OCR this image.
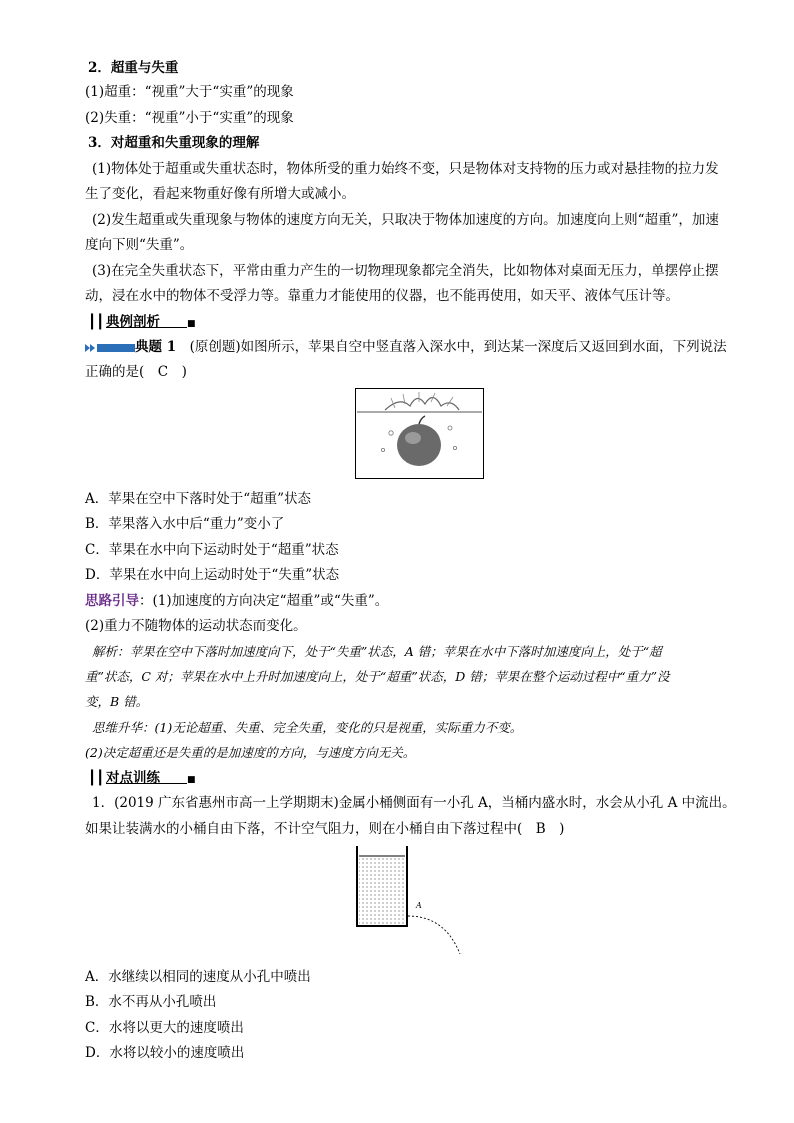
2．超重与失重
(1)超重：“视重”大于“实重”的现象
(2)失重：“视重”小于“实重”的现象
3．对超重和失重现象的理解
(1)物体处于超重或失重状态时，物体所受的重力始终不变，只是物体对支持物的压力或对悬挂物的拉力发
生了变化，看起来物重好像有所增大或减小。
(2)发生超重或失重现象与物体的速度方向无关，只取决于物体加速度的方向。加速度向上则“超重”，加速
度向下则“失重”。
(3)在完全失重状态下，平常由重力产生的一切物理现象都完全消失，比如物体对桌面无压力，单摆停止摆
动，浸在水中的物体不受浮力等。靠重力才能使用的仪器，也不能再使用，如天平、液体气压计等。
┃┃ 典例剖析　　	■
典题 1　 (原创题)如图所示，苹果自空中竖直落入深水中，到达某一深度后又返回到水面，下列说法
正确的是(　C　)
A．苹果在空中下落时处于“超重”状态
B．苹果落入水中后“重力”变小了
C．苹果在水中向下运动时处于“超重”状态
D．苹果在水中向上运动时处于“失重”状态
思路引导：(1)加速度的方向决定“超重”或“失重”。
(2)重力不随物体的运动状态而变化。
解析：苹果在空中下落时加速度向下，处于“失重”状态，A 错；苹果在水中下落时加速度向上，处于“超
重”状态，C 对；苹果在水中上升时加速度向上，处于“超重”状态，D 错；苹果在整个运动过程中“重力”没
变，B 错。
思维升华：(1)无论超重、失重、完全失重，变化的只是视重，实际重力不变。
(2)决定超重还是失重的是加速度的方向，与速度方向无关。
┃┃ 对点训练　　	■
1．(2019 广东省惠州市高一上学期期末)金属小桶侧面有一小孔 A，当桶内盛水时，水会从小孔 A 中流出。
如果让装满水的小桶自由下落，不计空气阻力，则在小桶自由下落过程中(　B　)
A
A．水继续以相同的速度从小孔中喷出
B．水不再从小孔喷出
C．水将以更大的速度喷出
D．水将以较小的速度喷出
